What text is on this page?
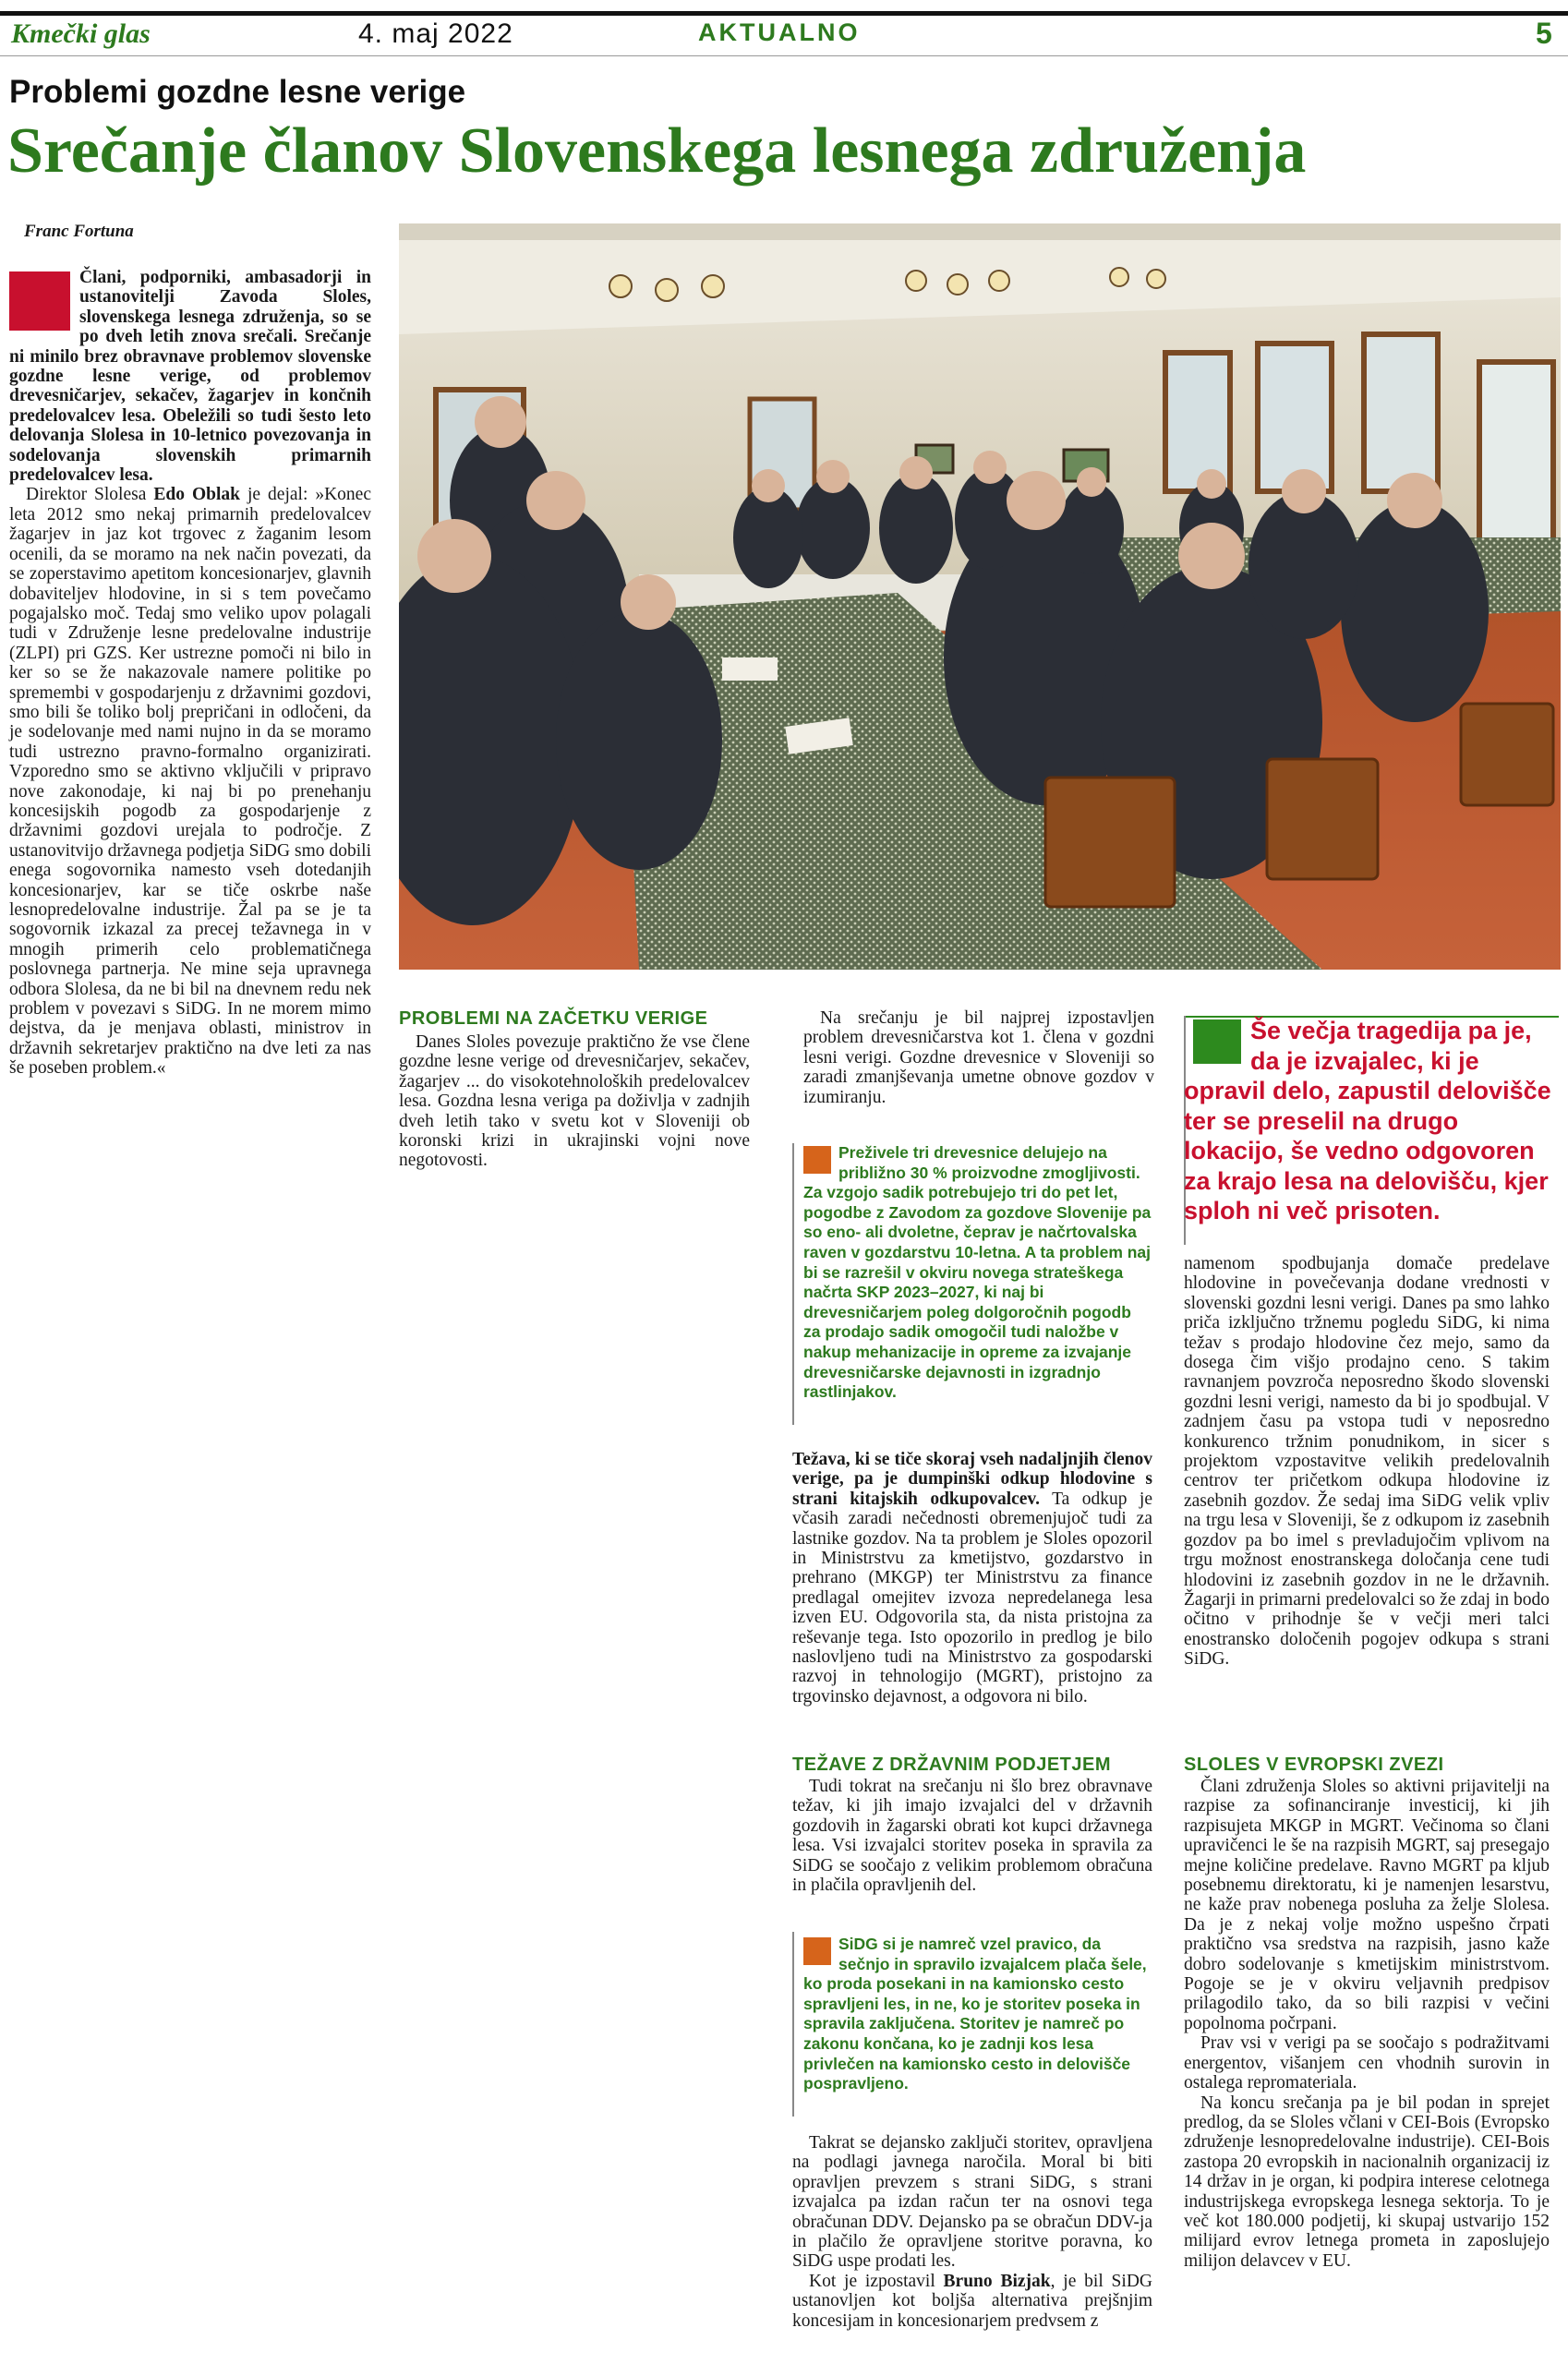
Kmečki glas	4. maj 2022	AKTUALNO	5
Problemi gozdne lesne verige
Srečanje članov Slovenskega lesnega združenja
Franc Fortuna

Člani, podporniki, ambasadorji in ustanovitelji Zavoda Sloles, slovenskega lesnega združenja, so se po dveh letih znova srečali. Srečanje ni minilo brez obravnave problemov slovenske gozdne lesne verige, od problemov drevesničarjev, sekačev, žagarjev in končnih predelovalcev lesa. Obeležili so tudi šesto leto delovanja Slolesa in 10-letnico povezovanja in sodelovanja slovenskih primarnih predelovalcev lesa.

Direktor Slolesa Edo Oblak je dejal: »Konec leta 2012 smo nekaj primarnih predelovalcev žagarjev in jaz kot trgovec z žaganim lesom ocenili, da se moramo na nek način povezati, da se zoperstavimo apetitom koncesionarjev, glavnih dobaviteljev hlodovine, in si s tem povečamo pogajalsko moč. Tedaj smo veliko upov polagali tudi v Združenje lesne predelovalne industrije (ZLPI) pri GZS. Ker ustrezne pomoči ni bilo in ker so se že nakazovale namere politike po spremembi v gospodarjenju z državnimi gozdovi, smo bili še toliko bolj prepričani in odločeni, da je sodelovanje med nami nujno in da se moramo tudi ustrezno pravno-formalno organizirati. Vzporedno smo se aktivno vključili v pripravo nove zakonodaje, ki naj bi po prenehanju koncesijskih pogodb za gospodarjenje z državnimi gozdovi urejala to področje. Z ustanovitvijo državnega podjetja SiDG smo dobili enega sogovornika namesto vseh dotedanjih koncesionarjev, kar se tiče oskrbe naše lesnopredelovalne industrije. Žal pa se je ta sogovornik izkazal za precej težavnega in v mnogih primerih celo problematičnega poslovnega partnerja. Ne mine seja upravnega odbora Slolesa, da ne bi bil na dnevnem redu nek problem v povezavi s SiDG. In ne morem mimo dejstva, da je menjava oblasti, ministrov in državnih sekretarjev praktično na dve leti za nas še poseben problem.«

PROBLEMI NA ZAČETKU VERIGE

Danes Sloles povezuje praktično že vse člene gozdne lesne verige od drevesničarjev, sekačev, žagarjev ... do visokotehnoloških predelovalcev lesa. Gozdna lesna veriga pa doživlja v zadnjih dveh letih tako v svetu kot v Sloveniji ob koronski krizi in ukrajinski vojni nove negotovosti.

Na srečanju je bil najprej izpostavljen problem drevesničarstva kot 1. člena v gozdni lesni verigi. Gozdne drevesnice v Sloveniji so zaradi zmanjševanja umetne obnove gozdov v izumiranju.

Preživele tri drevesnice delujejo na približno 30 % proizvodne zmogljivosti. Za vzgojo sadik potrebujejo tri do pet let, pogodbe z Zavodom za gozdove Slovenije pa so eno- ali dvoletne, čeprav je načrtovalska raven v gozdarstvu 10-letna. A ta problem naj bi se razrešil v okviru novega strateškega načrta SKP 2023–2027, ki naj bi drevesničarjem poleg dolgoročnih pogodb za prodajo sadik omogočil tudi naložbe v nakup mehanizacije in opreme za izvajanje drevesničarske dejavnosti in izgradnjo rastlinjakov.

Težava, ki se tiče skoraj vseh nadaljnjih členov verige, pa je dumpinški odkup hlodovine s strani kitajskih odkupovalcev. Ta odkup je včasih zaradi nečednosti obremenjujoč tudi za lastnike gozdov. Na ta problem je Sloles opozoril in Ministrstvu za kmetijstvo, gozdarstvo in prehrano (MKGP) ter Ministrstvu za finance predlagal omejitev izvoza nepredelanega lesa izven EU. Odgovorila sta, da nista pristojna za reševanje tega. Isto opozorilo in predlog je bilo naslovljeno tudi na Ministrstvo za gospodarski razvoj in tehnologijo (MGRT), pristojno za trgovinsko dejavnost, a odgovora ni bilo.

TEŽAVE Z DRŽAVNIM PODJETJEM

Tudi tokrat na srečanju ni šlo brez obravnave težav, ki jih imajo izvajalci del v državnih gozdovih in žagarski obrati kot kupci državnega lesa. Vsi izvajalci storitev poseka in spravila za SiDG se soočajo z velikim problemom obračuna in plačila opravljenih del.

SiDG si je namreč vzel pravico, da sečnjo in spravilo izvajalcem plača šele, ko proda posekani in na kamionsko cesto spravljeni les, in ne, ko je storitev poseka in spravila zaključena. Storitev je namreč po zakonu končana, ko je zadnji kos lesa privlečen na kamionsko cesto in delovišče pospravljeno.

Takrat se dejansko zaključi storitev, opravljena na podlagi javnega naročila. Moral bi biti opravljen prevzem s strani SiDG, s strani izvajalca pa izdan račun ter na osnovi tega obračunan DDV. Dejansko pa se obračun DDV-ja in plačilo že opravljene storitve poravna, ko SiDG uspe prodati les.

Kot je izpostavil Bruno Bizjak, je bil SiDG ustanovljen kot boljša alternativa prejšnjim koncesijam in koncesionarjem predvsem z

Še večja tragedija pa je, da je izvajalec, ki je opravil delo, zapustil delovišče ter se preselil na drugo lokacijo, še vedno odgovoren za krajo lesa na delovišču, kjer sploh ni več prisoten.

namenom spodbujanja domače predelave hlodovine in povečevanja dodane vrednosti v slovenski gozdni lesni verigi. Danes pa smo lahko priča izključno tržnemu pogledu SiDG, ki nima težav s prodajo hlodovine čez mejo, samo da dosega čim višjo prodajno ceno. S takim ravnanjem povzroča neposredno škodo slovenski gozdni lesni verigi, namesto da bi jo spodbujal. V zadnjem času pa vstopa tudi v neposredno konkurenco tržnim ponudnikom, in sicer s projektom vzpostavitve velikih predelovalnih centrov ter pričetkom odkupa hlodovine iz zasebnih gozdov. Že sedaj ima SiDG velik vpliv na trgu lesa v Sloveniji, še z odkupom iz zasebnih gozdov pa bo imel s prevladujočim vplivom na trgu možnost enostranskega določanja cene tudi hlodovini iz zasebnih gozdov in ne le državnih. Žagarji in primarni predelovalci so že zdaj in bodo očitno v prihodnje še v večji meri talci enostransko določenih pogojev odkupa s strani SiDG.

SLOLES V EVROPSKI ZVEZI

Člani združenja Sloles so aktivni prijavitelji na razpise za sofinanciranje investicij, ki jih razpisujeta MKGP in MGRT. Večinoma so člani upravičenci le še na razpisih MGRT, saj presegajo mejne količine predelave. Ravno MGRT pa kljub posebnemu direktoratu, ki je namenjen lesarstvu, ne kaže prav nobenega posluha za želje Slolesa. Da je z nekaj volje možno uspešno črpati praktično vsa sredstva na razpisih, jasno kaže dobro sodelovanje s kmetijskim ministrstvom. Pogoje se je v okviru veljavnih predpisov prilagodilo tako, da so bili razpisi v večini popolnoma počrpani.

Prav vsi v verigi pa se soočajo s podražitvami energentov, višanjem cen vhodnih surovin in ostalega repromateriala.

Na koncu srečanja pa je bil podan in sprejet predlog, da se Sloles včlani v CEI-Bois (Evropsko združenje lesnopredelovalne industrije). CEI-Bois zastopa 20 evropskih in nacionalnih organizacij iz 14 držav in je organ, ki podpira interese celotnega industrijskega evropskega lesnega sektorja. To je več kot 180.000 podjetij, ki skupaj ustvarijo 152 milijard evrov letnega prometa in zaposlujejo milijon delavcev v EU.
